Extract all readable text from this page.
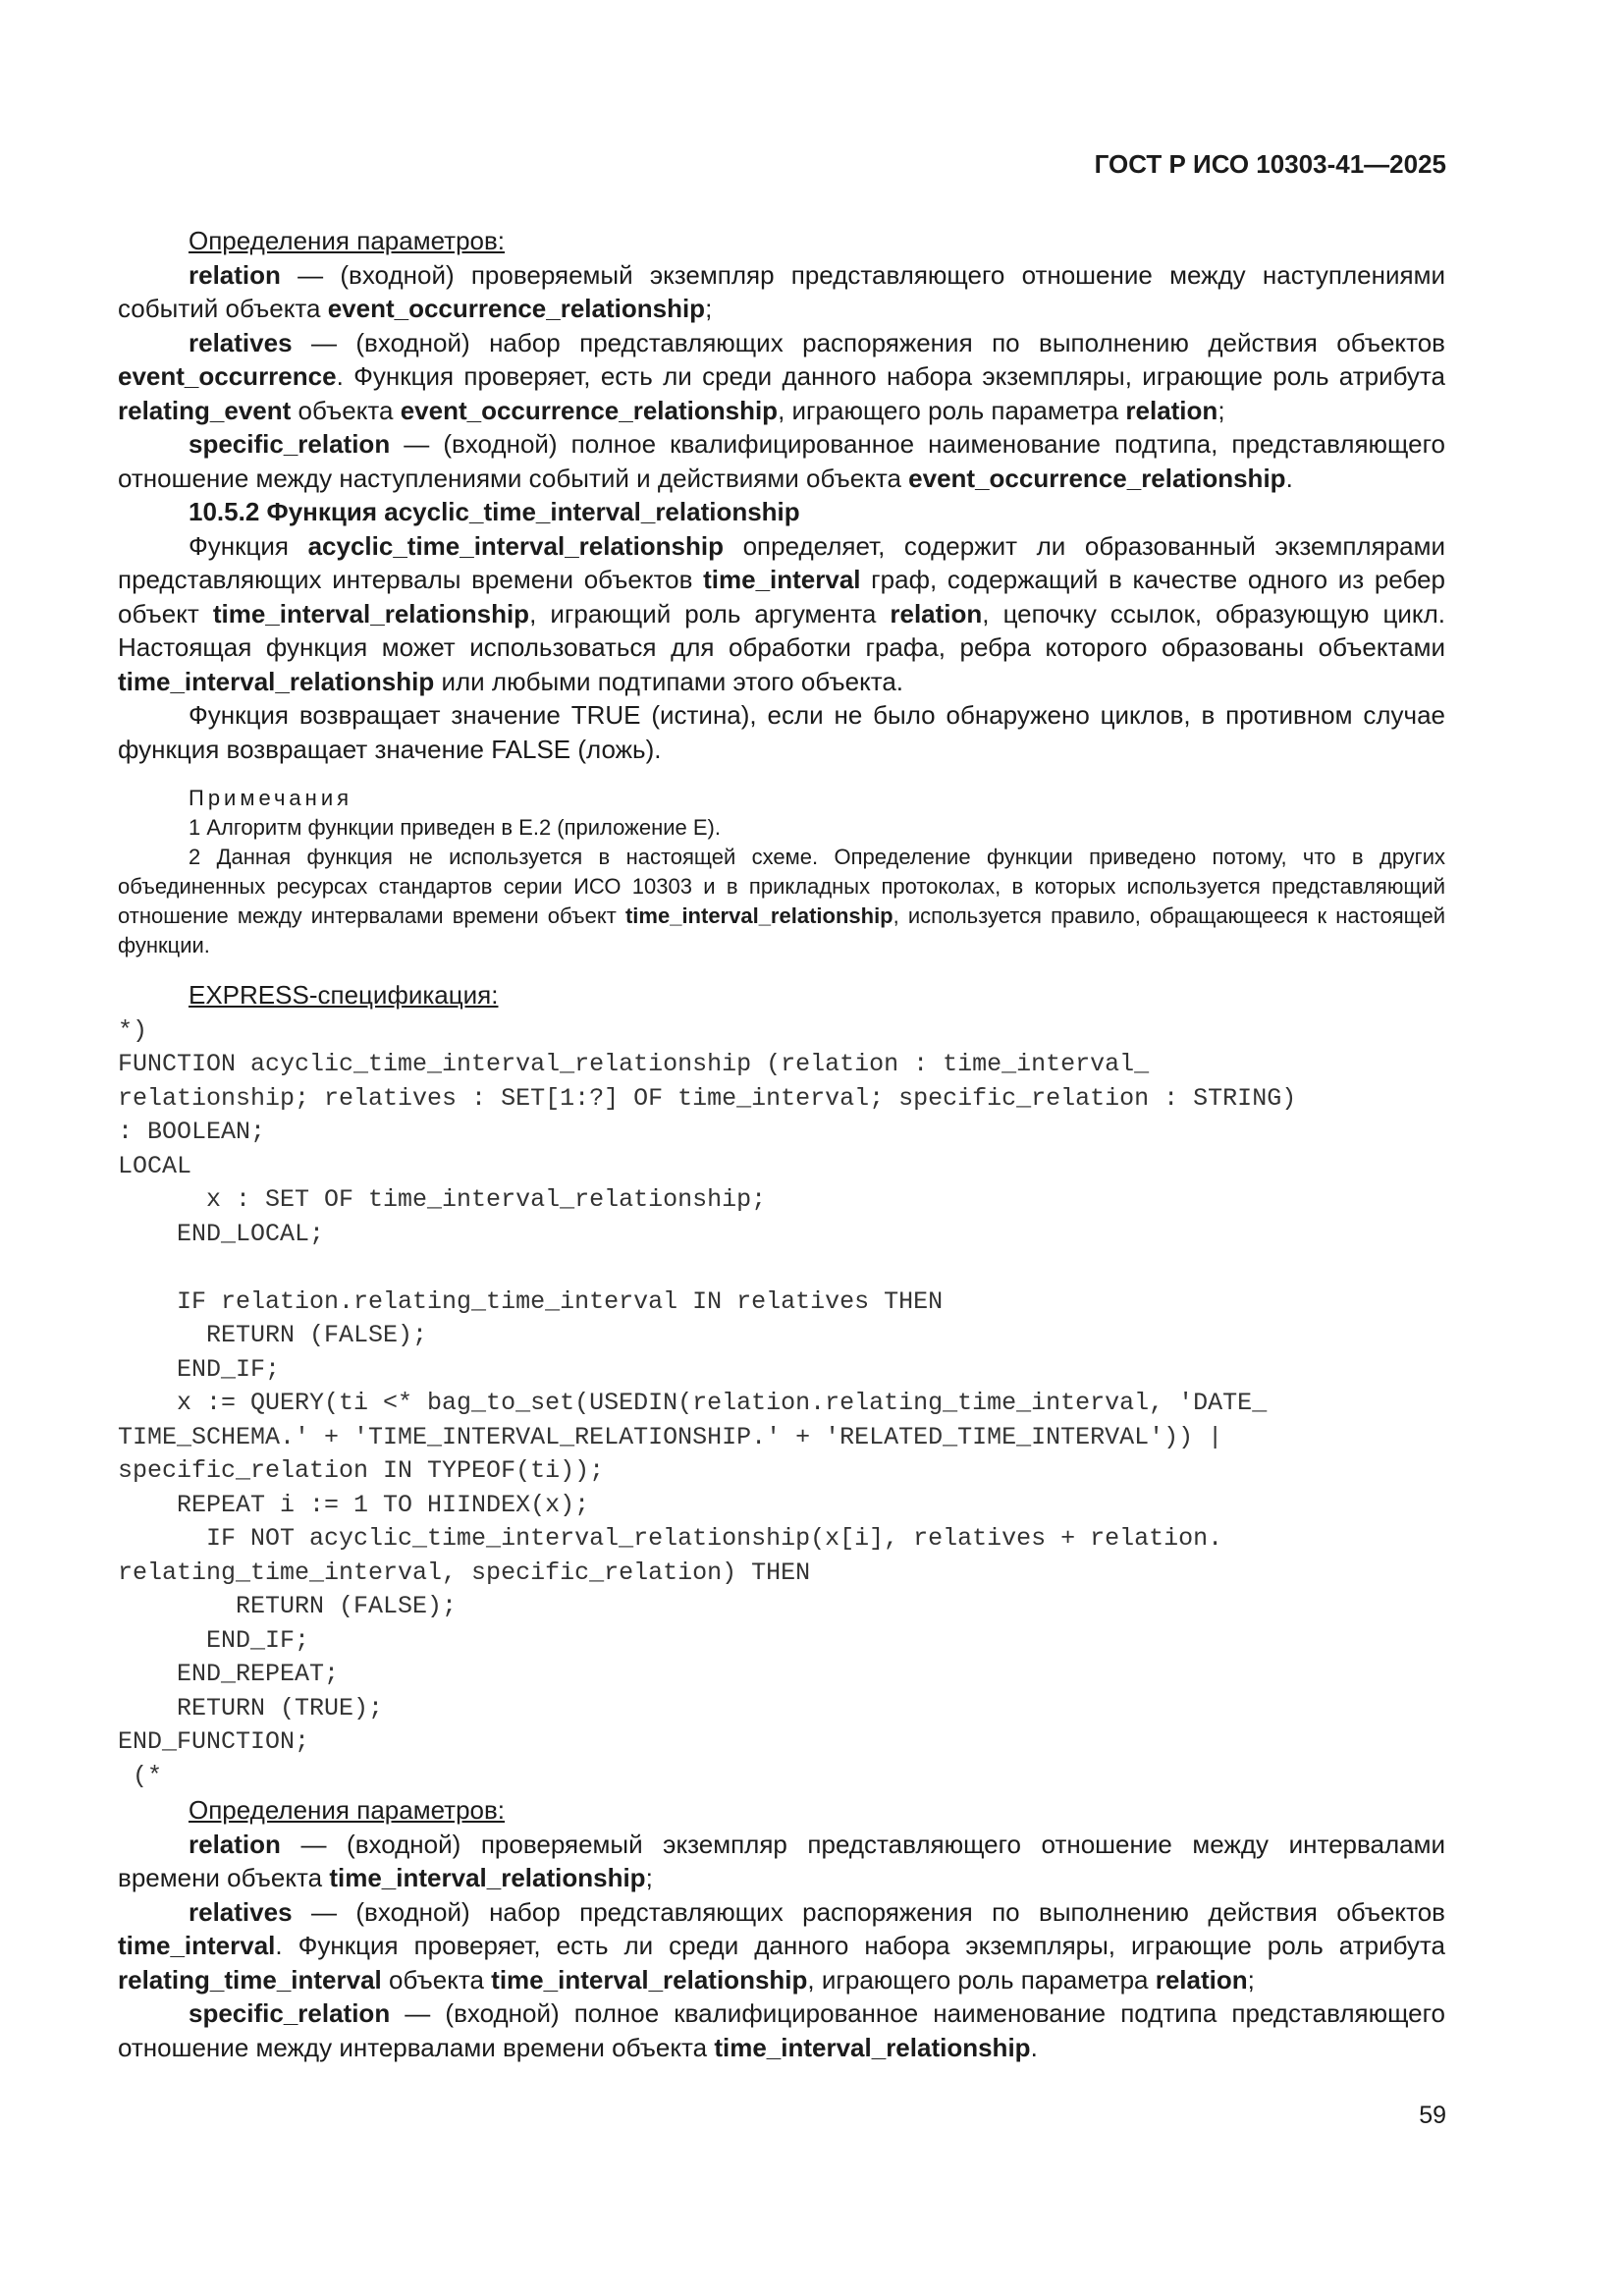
ГОСТ Р ИСО 10303-41—2025

Определения параметров:

relation — (входной) проверяемый экземпляр представляющего отношение между наступлениями событий объекта event_occurrence_relationship;

relatives — (входной) набор представляющих распоряжения по выполнению действия объектов event_occurrence. Функция проверяет, есть ли среди данного набора экземпляры, играющие роль атрибута relating_event объекта event_occurrence_relationship, играющего роль параметра relation;

specific_relation — (входной) полное квалифицированное наименование подтипа, представляющего отношение между наступлениями событий и действиями объекта event_occurrence_relationship.

10.5.2 Функция acyclic_time_interval_relationship

Функция acyclic_time_interval_relationship определяет, содержит ли образованный экземплярами представляющих интервалы времени объектов time_interval граф, содержащий в качестве одного из ребер объект time_interval_relationship, играющий роль аргумента relation, цепочку ссылок, образующую цикл. Настоящая функция может использоваться для обработки графа, ребра которого образованы объектами time_interval_relationship или любыми подтипами этого объекта.

Функция возвращает значение TRUE (истина), если не было обнаружено циклов, в противном случае функция возвращает значение FALSE (ложь).

Примечания

1 Алгоритм функции приведен в Е.2 (приложение Е).

2 Данная функция не используется в настоящей схеме. Определение функции приведено потому, что в других объединенных ресурсах стандартов серии ИСО 10303 и в прикладных протоколах, в которых используется представляющий отношение между интервалами времени объект time_interval_relationship, используется правило, обращающееся к настоящей функции.

EXPRESS-спецификация:

*)
FUNCTION acyclic_time_interval_relationship (relation : time_interval_
relationship; relatives : SET[1:?] OF time_interval; specific_relation : STRING)
: BOOLEAN;
LOCAL
x : SET OF time_interval_relationship;
END_LOCAL;

IF relation.relating_time_interval IN relatives THEN
RETURN (FALSE);
END_IF;
x := QUERY(ti <* bag_to_set(USEDIN(relation.relating_time_interval, 'DATE_
TIME_SCHEMA.' + 'TIME_INTERVAL_RELATIONSHIP.' + 'RELATED_TIME_INTERVAL')) |
specific_relation IN TYPEOF(ti));
REPEAT i := 1 TO HIINDEX(x);
IF NOT acyclic_time_interval_relationship(x[i], relatives + relation.
relating_time_interval, specific_relation) THEN
RETURN (FALSE);
END_IF;
END_REPEAT;
RETURN (TRUE);
END_FUNCTION;
(*

Определения параметров:

relation — (входной) проверяемый экземпляр представляющего отношение между интервалами времени объекта time_interval_relationship;

relatives — (входной) набор представляющих распоряжения по выполнению действия объектов time_interval. Функция проверяет, есть ли среди данного набора экземпляры, играющие роль атрибута relating_time_interval объекта time_interval_relationship, играющего роль параметра relation;

specific_relation — (входной) полное квалифицированное наименование подтипа представляющего отношение между интервалами времени объекта time_interval_relationship.

59
